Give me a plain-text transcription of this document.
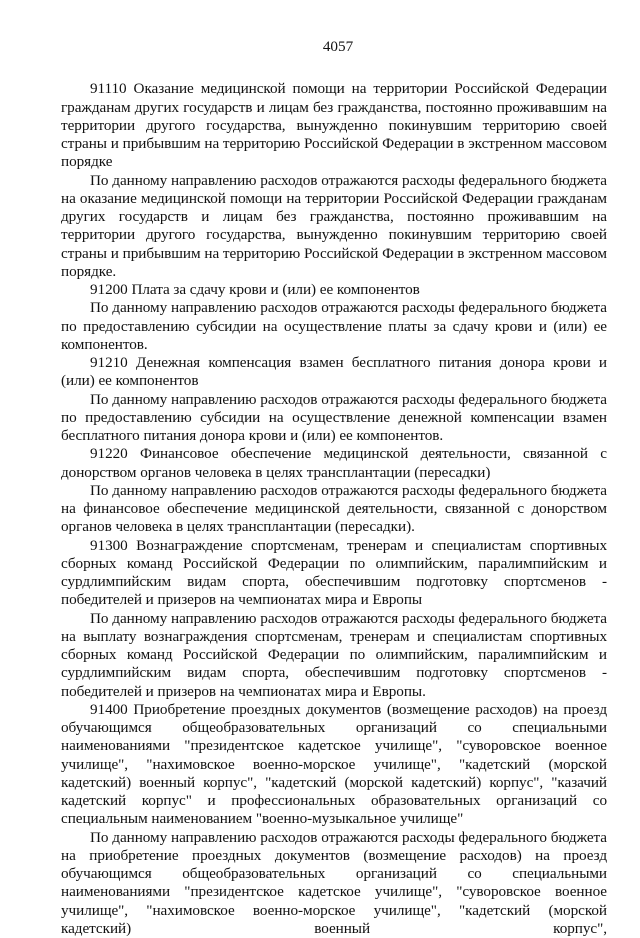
4057

91110 Оказание медицинской помощи на территории Российской Федерации гражданам других государств и лицам без гражданства, постоянно проживавшим на территории другого государства, вынужденно покинувшим территорию своей страны и прибывшим на территорию Российской Федерации в экстренном массовом порядке

По данному направлению расходов отражаются расходы федерального бюджета на оказание медицинской помощи на территории Российской Федерации гражданам других государств и лицам без гражданства, постоянно проживавшим на территории другого государства, вынужденно покинувшим территорию своей страны и прибывшим на территорию Российской Федерации в экстренном массовом порядке.

91200 Плата за сдачу крови и (или) ее компонентов

По данному направлению расходов отражаются расходы федерального бюджета по предоставлению субсидии на осуществление платы за сдачу крови и (или) ее компонентов.

91210 Денежная компенсация взамен бесплатного питания донора крови и (или) ее компонентов

По данному направлению расходов отражаются расходы федерального бюджета по предоставлению субсидии на осуществление денежной компенсации взамен бесплатного питания донора крови и (или) ее компонентов.

91220 Финансовое обеспечение медицинской деятельности, связанной с донорством органов человека в целях трансплантации (пересадки)

По данному направлению расходов отражаются расходы федерального бюджета на финансовое обеспечение медицинской деятельности, связанной с донорством органов человека в целях трансплантации (пересадки).

91300 Вознаграждение спортсменам, тренерам и специалистам спортивных сборных команд Российской Федерации по олимпийским, паралимпийским и сурдлимпийским видам спорта, обеспечившим подготовку спортсменов - победителей и призеров на чемпионатах мира и Европы

По данному направлению расходов отражаются расходы федерального бюджета на выплату вознаграждения спортсменам, тренерам и специалистам спортивных сборных команд Российской Федерации по олимпийским, паралимпийским и сурдлимпийским видам спорта, обеспечившим подготовку спортсменов - победителей и призеров на чемпионатах мира и Европы.

91400 Приобретение проездных документов (возмещение расходов) на проезд обучающимся общеобразовательных организаций со специальными наименованиями "президентское кадетское училище", "суворовское военное училище", "нахимовское военно-морское училище", "кадетский (морской кадетский) военный корпус", "кадетский (морской кадетский) корпус", "казачий кадетский корпус" и профессиональных образовательных организаций со специальным наименованием "военно-музыкальное училище"

По данному направлению расходов отражаются расходы федерального бюджета на приобретение проездных документов (возмещение расходов) на проезд обучающимся общеобразовательных организаций со специальными наименованиями "президентское кадетское училище", "суворовское военное училище", "нахимовское военно-морское училище", "кадетский (морской кадетский) военный корпус",
